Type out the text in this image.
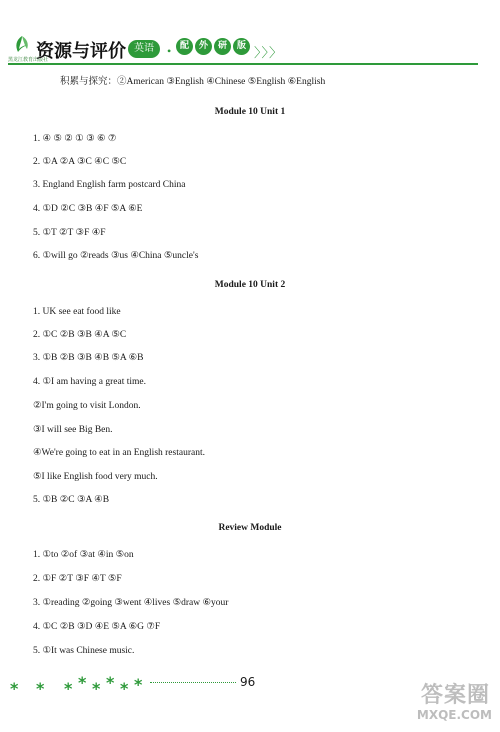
黑龙江教育出版社
资源与评价 英语	• 配	外	研	版 〉〉〉
积累与探究：②American ③English ④Chinese ⑤English ⑥English
Module 10 Unit 1
1. ④ ⑤ ② ① ③ ⑥ ⑦
2. ①A ②A ③C ④C ⑤C
3. England English farm postcard China
4. ①D ②C ③B ④F ⑤A ⑥E
5. ①T ②T ③F ④F
6. ①will go ②reads ③us ④China ⑤uncle's
Module 10 Unit 2
1. UK see eat food like
2. ①C ②B ③B ④A ⑤C
3. ①B ②B ③B ④B ⑤A ⑥B
4. ①I am having a great time.
②I'm going to visit London.
③I will see Big Ben.
④We're going to eat in an English restaurant.
⑤I like English food very much.
5. ①B ②C ③A ④B
Review Module
1. ①to ②of ③at ④in ⑤on
2. ①F ②T ③F ④T ⑤F
3. ①reading ②going ③went ④lives ⑤draw ⑥your
4. ①C ②B ③D ④E ⑤A ⑥G ⑦F
5. ①It was Chinese music.
* * * * * * * *	96
答案圈
MXQE.COM
